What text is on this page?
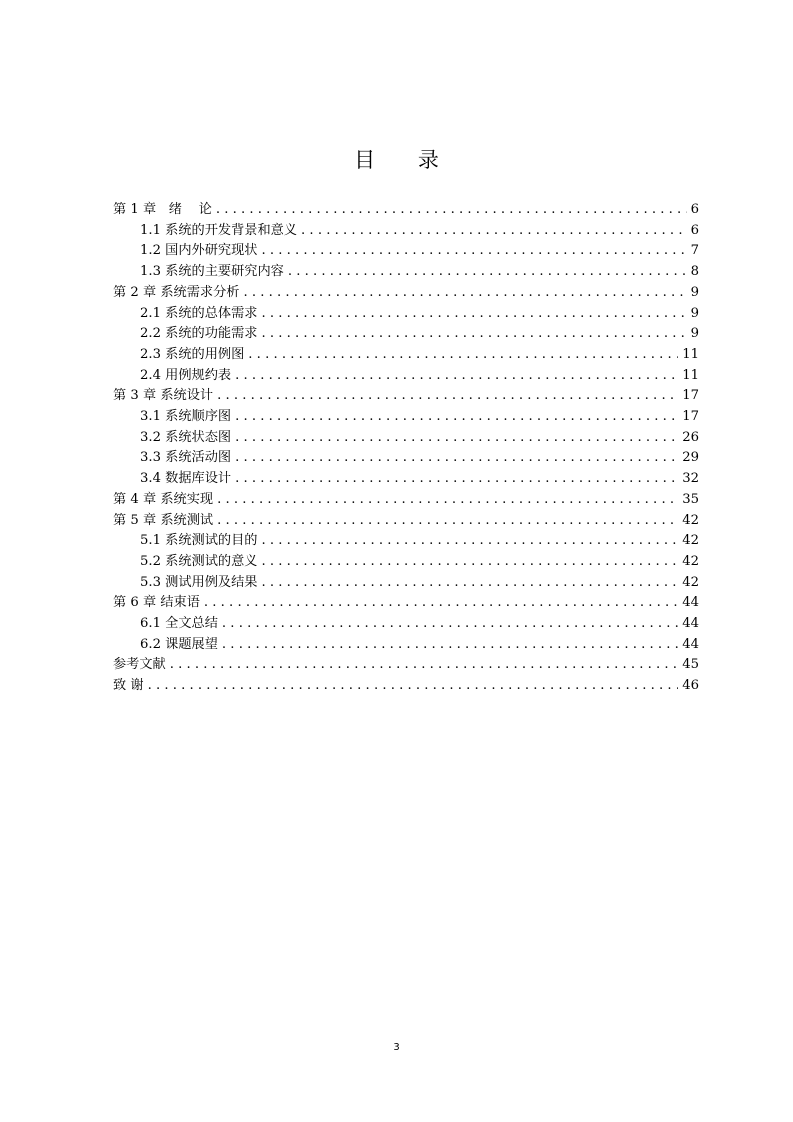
目 录
第 1 章   绪    论 . . .	6
1.1 系统的开发背景和意义 . . .	6
1.2 国内外研究现状 . . .	7
1.3 系统的主要研究内容 . . .	8
第 2 章 系统需求分析 . . .	9
2.1 系统的总体需求 . . .	9
2.2 系统的功能需求 . . .	9
2.3 系统的用例图 . . .	11
2.4 用例规约表 . . .	11
第 3 章 系统设计 . . .	17
3.1 系统顺序图 . . .	17
3.2 系统状态图 . . .	26
3.3 系统活动图 . . .	29
3.4 数据库设计 . . .	32
第 4 章 系统实现 . . .	35
第 5 章 系统测试 . . .	42
5.1 系统测试的目的 . . .	42
5.2 系统测试的意义 . . .	42
5.3 测试用例及结果 . . .	42
第 6 章 结束语 . . .	44
6.1 全文总结 . . .	44
6.2 课题展望 . . .	44
参考文献 . . .	45
致 谢 . . .	46
3
